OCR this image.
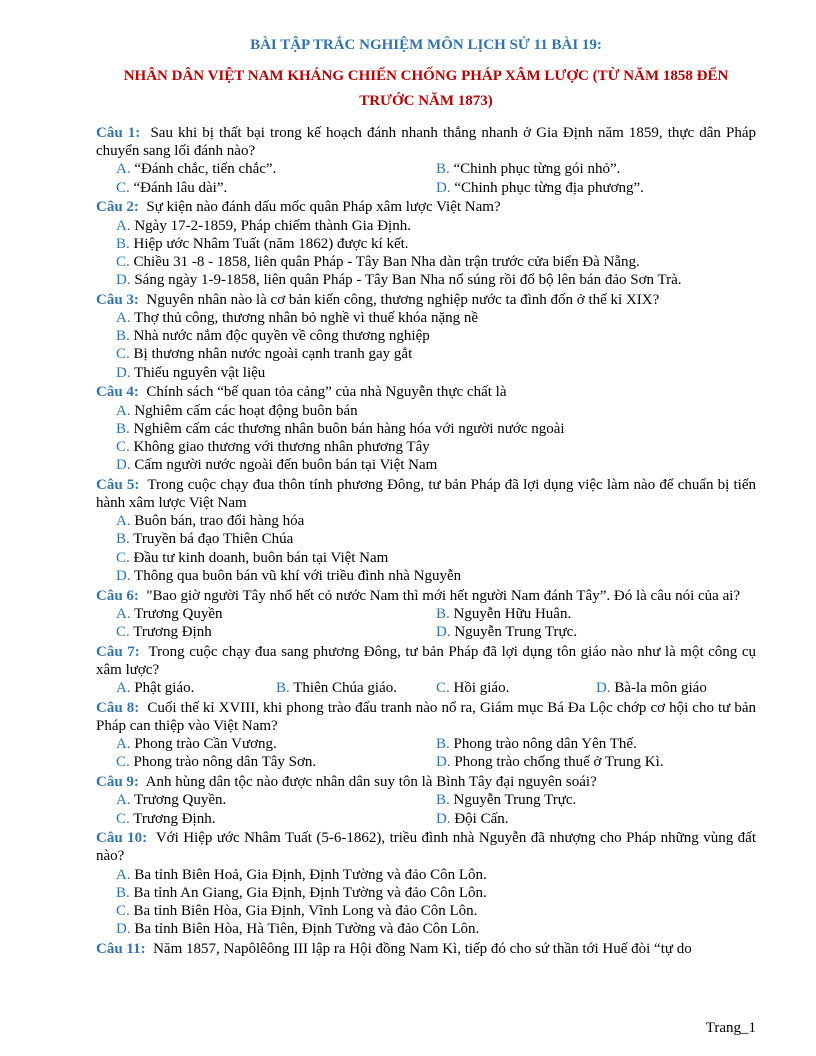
BÀI TẬP TRẮC NGHIỆM MÔN LỊCH SỬ 11 BÀI 19:
NHÂN DÂN VIỆT NAM KHÁNG CHIẾN CHỐNG PHÁP XÂM LƯỢC (TỪ NĂM 1858 ĐẾN TRƯỚC NĂM 1873)

Câu 1: Sau khi bị thất bại trong kế hoạch đánh nhanh thắng nhanh ở Gia Định năm 1859, thực dân Pháp chuyển sang lối đánh nào?

A. “Đánh chắc, tiến chắc”.	B. “Chinh phục từng gói nhỏ”.
C. “Đánh lâu dài”.	D. “Chinh phục từng địa phương”.

Câu 2: Sự kiện nào đánh dấu mốc quân Pháp xâm lược Việt Nam?

A. Ngày 17-2-1859, Pháp chiếm thành Gia Định.
B. Hiệp ước Nhâm Tuất (năm 1862) được kí kết.
C. Chiều 31 -8 - 1858, liên quân Pháp - Tây Ban Nha dàn trận trước cửa biển Đà Nẵng.
D. Sáng ngày 1-9-1858, liên quân Pháp - Tây Ban Nha nổ súng rồi đổ bộ lên bán đảo Sơn Trà.

Câu 3: Nguyên nhân nào là cơ bản kiến công, thương nghiệp nước ta đình đốn ở thế kỉ XIX?

A. Thợ thủ công, thương nhân bỏ nghề vì thuế khóa nặng nề
B. Nhà nước nắm độc quyền về công thương nghiệp
C. Bị thương nhân nước ngoài cạnh tranh gay gắt
D. Thiếu nguyên vật liệu

Câu 4: Chính sách “bế quan tỏa cảng” của nhà Nguyễn thực chất là

A. Nghiêm cấm các hoạt động buôn bán
B. Nghiêm cấm các thương nhân buôn bán hàng hóa với người nước ngoài
C. Không giao thương với thương nhân phương Tây
D. Cấm người nước ngoài đến buôn bán tại Việt Nam

Câu 5: Trong cuộc chạy đua thôn tính phương Đông, tư bản Pháp đã lợi dụng việc làm nào để chuẩn bị tiến hành xâm lược Việt Nam

A. Buôn bán, trao đổi hàng hóa
B. Truyền bá đạo Thiên Chúa
C. Đầu tư kinh doanh, buôn bán tại Việt Nam
D. Thông qua buôn bán vũ khí với triều đình nhà Nguyễn

Câu 6: "Bao giờ người Tây nhổ hết cỏ nước Nam thì mới hết người Nam đánh Tây”. Đó là câu nói của ai?

A. Trương Quyền	B. Nguyễn Hữu Huân.
C. Trương Định	D. Nguyễn Trung Trực.

Câu 7: Trong cuộc chạy đua sang phương Đông, tư bản Pháp đã lợi dụng tôn giáo nào như là một công cụ xâm lược?

A. Phật giáo.	B. Thiên Chúa giáo.	C. Hồi giáo.	D. Bà-la môn giáo

Câu 8: Cuối thế kỉ XVIII, khi phong trào đấu tranh nào nổ ra, Giám mục Bá Đa Lộc chớp cơ hội cho tư bản Pháp can thiệp vào Việt Nam?

A. Phong trào Cần Vương.	B. Phong trào nông dân Yên Thế.
C. Phong trào nông dân Tây Sơn.	D. Phong trào chống thuế ở Trung Kì.

Câu 9: Anh hùng dân tộc nào được nhân dân suy tôn là Bình Tây đại nguyên soái?

A. Trương Quyền.	B. Nguyễn Trung Trực.
C. Trương Định.	D. Đội Cấn.

Câu 10: Với Hiệp ước Nhâm Tuất (5-6-1862), triều đình nhà Nguyễn đã nhượng cho Pháp những vùng đất nào?

A. Ba tỉnh Biên Hoả, Gia Định, Định Tường và đảo Côn Lôn.
B. Ba tỉnh An Giang, Gia Định, Định Tường và đảo Côn Lôn.
C. Ba tỉnh Biên Hòa, Gia Định, Vĩnh Long và đảo Côn Lôn.
D. Ba tỉnh Biên Hòa, Hà Tiên, Định Tường và đảo Côn Lôn.

Câu 11: Năm 1857, Napôlêông III lập ra Hội đồng Nam Kì, tiếp đó cho sứ thần tới Huế đòi “tự do

Trang_1
